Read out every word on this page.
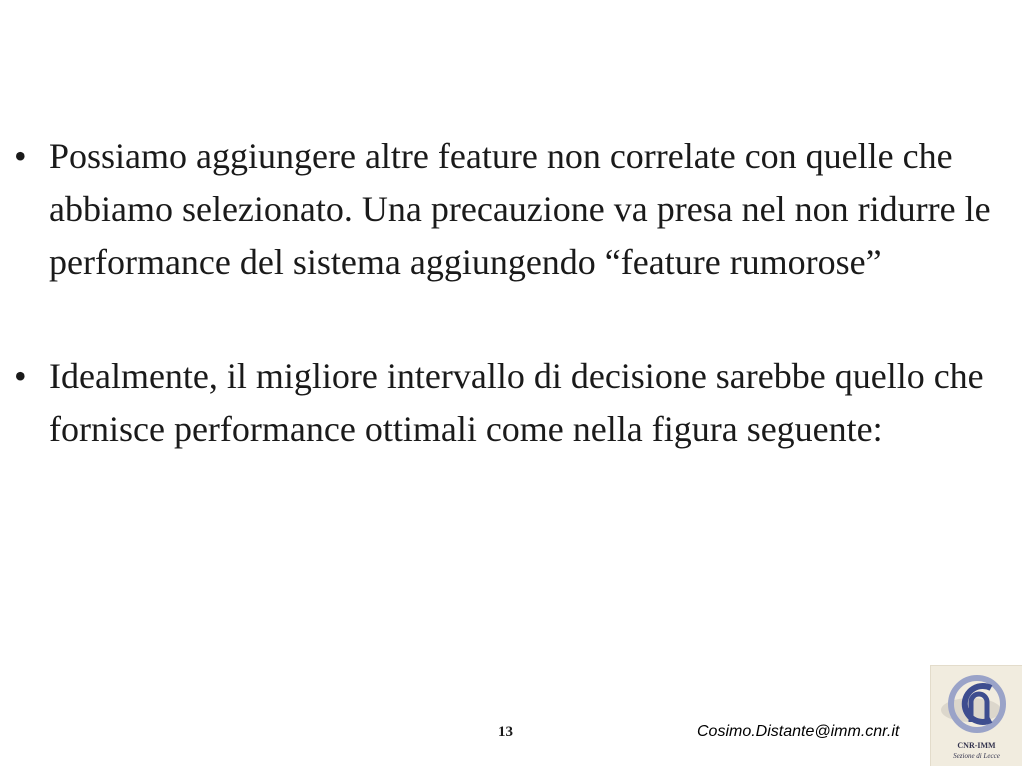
• Possiamo aggiungere altre feature non correlate con quelle che abbiamo selezionato. Una precauzione va presa nel non ridurre le performance del sistema aggiungendo “feature rumorose”
• Idealmente, il migliore intervallo di decisione sarebbe quello che fornisce performance ottimali come nella figura seguente:
13	Cosimo.Distante@imm.cnr.it
CNR-IMM
Sezione di Lecce
